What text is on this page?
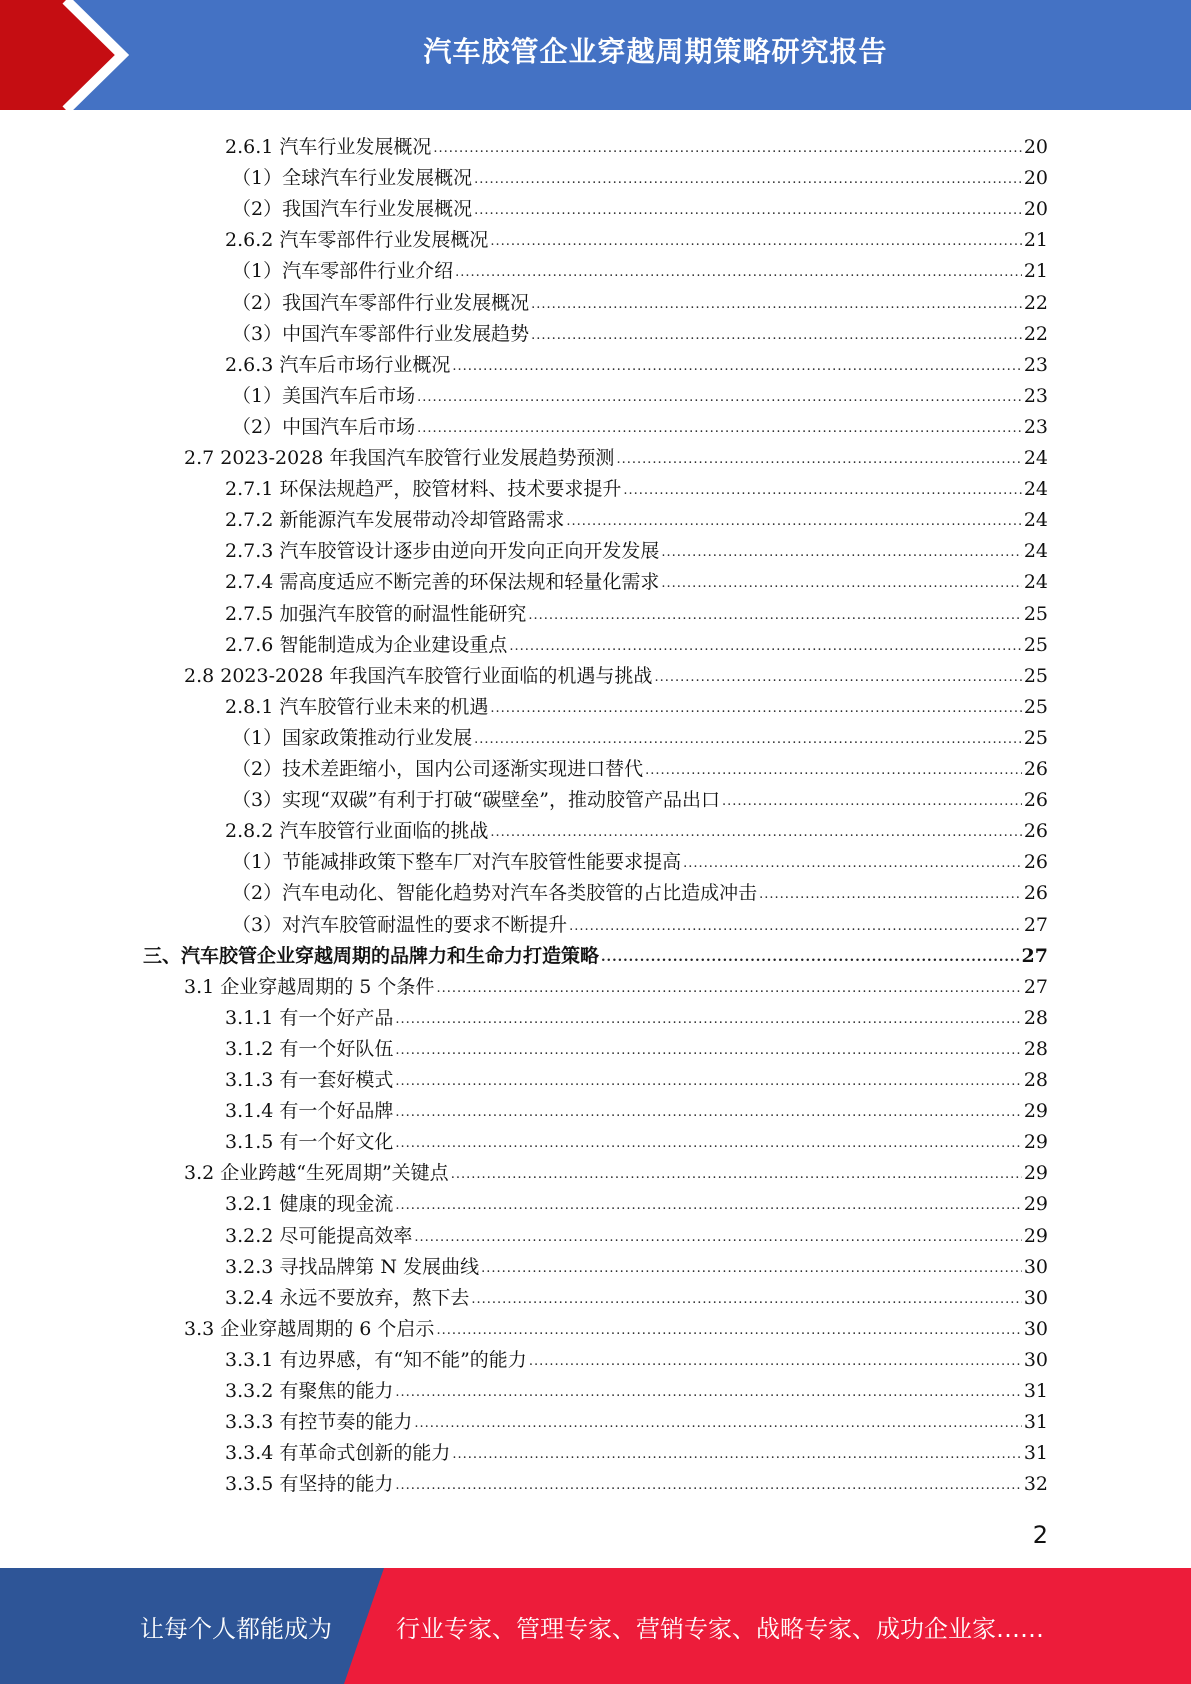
汽车胶管企业穿越周期策略研究报告
2.6.1 汽车行业发展概况 .....	20
（1）全球汽车行业发展概况 .....	20
（2）我国汽车行业发展概况 .....	20
2.6.2 汽车零部件行业发展概况 .....	21
（1）汽车零部件行业介绍 .....	21
（2）我国汽车零部件行业发展概况 .....	22
（3）中国汽车零部件行业发展趋势 .....	22
2.6.3 汽车后市场行业概况 .....	23
（1）美国汽车后市场 .....	23
（2）中国汽车后市场 .....	23
2.7 2023-2028 年我国汽车胶管行业发展趋势预测 .....	24
2.7.1 环保法规趋严，胶管材料、技术要求提升 .....	24
2.7.2 新能源汽车发展带动冷却管路需求 .....	24
2.7.3 汽车胶管设计逐步由逆向开发向正向开发发展 .....	24
2.7.4 需高度适应不断完善的环保法规和轻量化需求 .....	24
2.7.5 加强汽车胶管的耐温性能研究 .....	25
2.7.6 智能制造成为企业建设重点 .....	25
2.8 2023-2028 年我国汽车胶管行业面临的机遇与挑战 .....	25
2.8.1 汽车胶管行业未来的机遇 .....	25
（1）国家政策推动行业发展 .....	25
（2）技术差距缩小，国内公司逐渐实现进口替代 .....	26
（3）实现“双碳”有利于打破“碳壁垒”，推动胶管产品出口 .....	26
2.8.2 汽车胶管行业面临的挑战 .....	26
（1）节能减排政策下整车厂对汽车胶管性能要求提高 .....	26
（2）汽车电动化、智能化趋势对汽车各类胶管的占比造成冲击 .....	26
（3）对汽车胶管耐温性的要求不断提升 .....	27
三、汽车胶管企业穿越周期的品牌力和生命力打造策略 .....	27
3.1 企业穿越周期的 5 个条件 .....	27
3.1.1 有一个好产品 .....	28
3.1.2 有一个好队伍 .....	28
3.1.3 有一套好模式 .....	28
3.1.4 有一个好品牌 .....	29
3.1.5 有一个好文化 .....	29
3.2 企业跨越“生死周期”关键点 .....	29
3.2.1 健康的现金流 .....	29
3.2.2 尽可能提高效率 .....	29
3.2.3 寻找品牌第 N 发展曲线 .....	30
3.2.4 永远不要放弃，熬下去 .....	30
3.3 企业穿越周期的 6 个启示 .....	30
3.3.1 有边界感，有“知不能”的能力 .....	30
3.3.2 有聚焦的能力 .....	31
3.3.3 有控节奏的能力 .....	31
3.3.4 有革命式创新的能力 .....	31
3.3.5 有坚持的能力 .....	32
2
让每个人都能成为	行业专家、管理专家、营销专家、战略专家、成功企业家……
